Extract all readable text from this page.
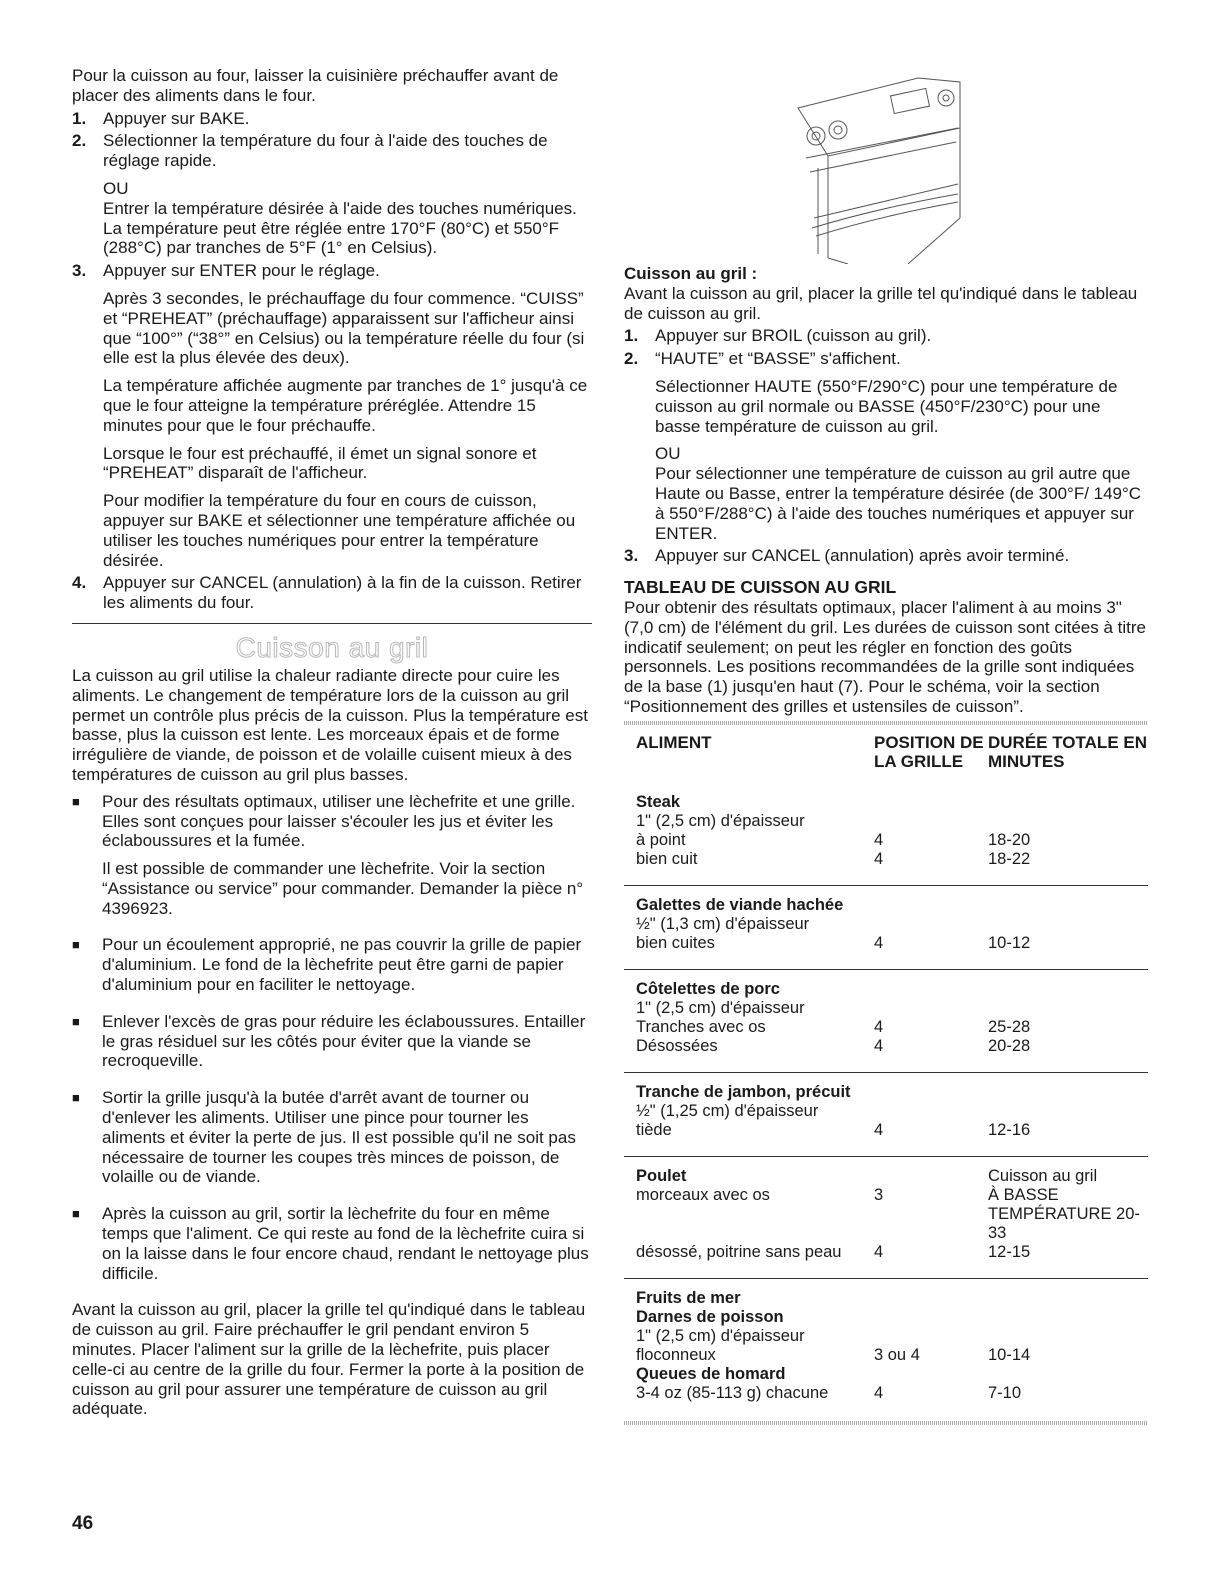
Pour la cuisson au four, laisser la cuisinière préchauffer avant de placer des aliments dans le four.

1. Appuyer sur BAKE.

2. Sélectionner la température du four à l'aide des touches de réglage rapide.

OU

Entrer la température désirée à l'aide des touches numériques. La température peut être réglée entre 170°F (80°C) et 550°F (288°C) par tranches de 5°F (1° en Celsius).

3. Appuyer sur ENTER pour le réglage.

Après 3 secondes, le préchauffage du four commence. “CUISS” et “PREHEAT” (préchauffage) apparaissent sur l'afficheur ainsi que “100°” (“38°” en Celsius) ou la température réelle du four (si elle est la plus élevée des deux).

La température affichée augmente par tranches de 1° jusqu'à ce que le four atteigne la température préréglée. Attendre 15 minutes pour que le four préchauffe.

Lorsque le four est préchauffé, il émet un signal sonore et “PREHEAT” disparaît de l'afficheur.

Pour modifier la température du four en cours de cuisson, appuyer sur BAKE et sélectionner une température affichée ou utiliser les touches numériques pour entrer la température désirée.

4. Appuyer sur CANCEL (annulation) à la fin de la cuisson. Retirer les aliments du four.

Cuisson au gril

La cuisson au gril utilise la chaleur radiante directe pour cuire les aliments. Le changement de température lors de la cuisson au gril permet un contrôle plus précis de la cuisson. Plus la température est basse, plus la cuisson est lente. Les morceaux épais et de forme irrégulière de viande, de poisson et de volaille cuisent mieux à des températures de cuisson au gril plus basses.

■	Pour des résultats optimaux, utiliser une lèchefrite et une grille. Elles sont conçues pour laisser s'écouler les jus et éviter les éclaboussures et la fumée.

Il est possible de commander une lèchefrite. Voir la section “Assistance ou service” pour commander. Demander la pièce n° 4396923.

■	Pour un écoulement approprié, ne pas couvrir la grille de papier d'aluminium. Le fond de la lèchefrite peut être garni de papier d'aluminium pour en faciliter le nettoyage.

■	Enlever l'excès de gras pour réduire les éclaboussures. Entailler le gras résiduel sur les côtés pour éviter que la viande se recroqueville.

■	Sortir la grille jusqu'à la butée d'arrêt avant de tourner ou d'enlever les aliments. Utiliser une pince pour tourner les aliments et éviter la perte de jus. Il est possible qu'il ne soit pas nécessaire de tourner les coupes très minces de poisson, de volaille ou de viande.

■	Après la cuisson au gril, sortir la lèchefrite du four en même temps que l'aliment. Ce qui reste au fond de la lèchefrite cuira si on la laisse dans le four encore chaud, rendant le nettoyage plus difficile.

Avant la cuisson au gril, placer la grille tel qu'indiqué dans le tableau de cuisson au gril. Faire préchauffer le gril pendant environ 5 minutes. Placer l'aliment sur la grille de la lèchefrite, puis placer celle-ci au centre de la grille du four. Fermer la porte à la position de cuisson au gril pour assurer une température de cuisson au gril adéquate.

Cuisson au gril :

Avant la cuisson au gril, placer la grille tel qu'indiqué dans le tableau de cuisson au gril.

1. Appuyer sur BROIL (cuisson au gril).

2. “HAUTE” et “BASSE” s'affichent.

Sélectionner HAUTE (550°F/290°C) pour une température de cuisson au gril normale ou BASSE (450°F/230°C) pour une basse température de cuisson au gril.

OU

Pour sélectionner une température de cuisson au gril autre que Haute ou Basse, entrer la température désirée (de 300°F/ 149°C à 550°F/288°C) à l'aide des touches numériques et appuyer sur ENTER.

3. Appuyer sur CANCEL (annulation) après avoir terminé.

TABLEAU DE CUISSON AU GRIL

Pour obtenir des résultats optimaux, placer l'aliment à au moins 3" (7,0 cm) de l'élément du gril. Les durées de cuisson sont citées à titre indicatif seulement; on peut les régler en fonction des goûts personnels. Les positions recommandées de la grille sont indiquées de la base (1) jusqu'en haut (7). Pour le schéma, voir la section “Positionnement des grilles et ustensiles de cuisson”.

ALIMENT	POSITION DE LA GRILLE	DURÉE TOTALE EN MINUTES
Steak		
1" (2,5 cm) d'épaisseur		
à point	4	18-20
bien cuit	4	18-22
Galettes de viande hachée		
½" (1,3 cm) d'épaisseur		
bien cuites	4	10-12
Côtelettes de porc		
1" (2,5 cm) d'épaisseur		
Tranches avec os	4	25-28
Désossées	4	20-28
Tranche de jambon, précuit		
½" (1,25 cm) d'épaisseur		
tiède	4	12-16
Poulet		Cuisson au gril
morceaux avec os	3	À BASSE TEMPÉRATURE 20-33
désossé, poitrine sans peau	4	12-15
Fruits de mer		
Darnes de poisson		
1" (2,5 cm) d'épaisseur		
floconneux	3 ou 4	10-14
Queues de homard		
3-4 oz (85-113 g) chacune	4	7-10
46
